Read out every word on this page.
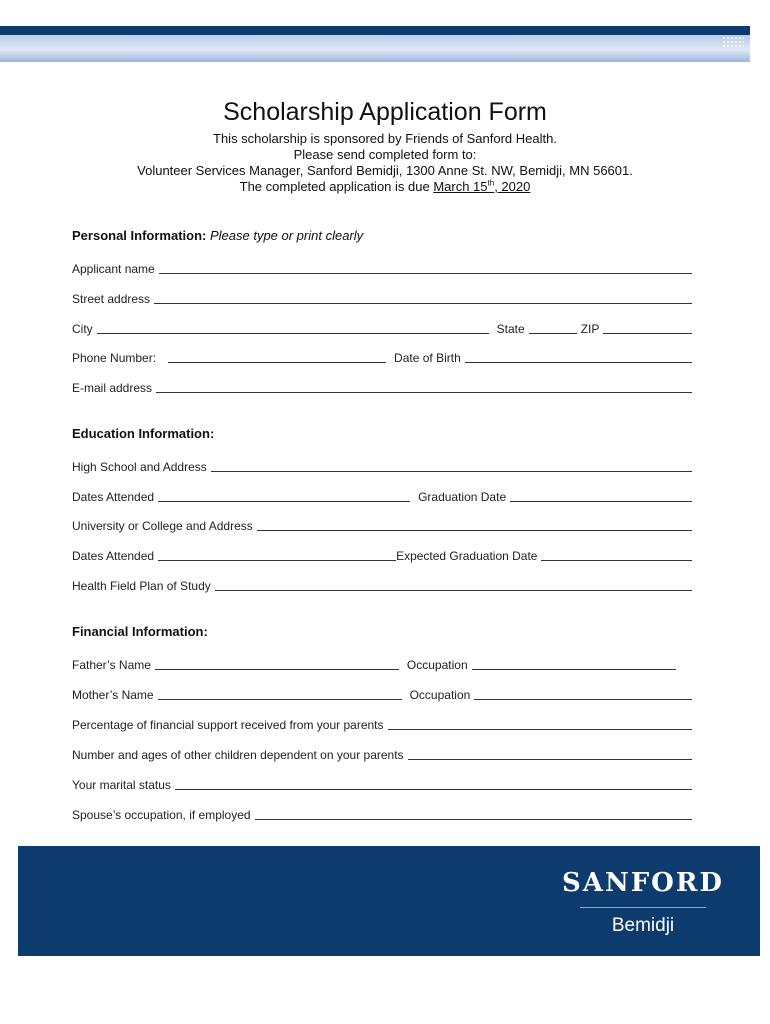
Scholarship Application Form
This scholarship is sponsored by Friends of Sanford Health.
Please send completed form to:
Volunteer Services Manager, Sanford Bemidji, 1300 Anne St. NW, Bemidji, MN 56601.
The completed application is due March 15th, 2020
Personal Information: Please type or print clearly
Applicant name
Street address
City	State	ZIP
Phone Number:	Date of Birth
E-mail address
Education Information:
High School and Address
Dates Attended	Graduation Date
University or College and Address
Dates Attended	Expected Graduation Date
Health Field Plan of Study
Financial Information:
Father’s Name	Occupation
Mother’s Name	Occupation
Percentage of financial support received from your parents
Number and ages of other children dependent on your parents
Your marital status
Spouse’s occupation, if employed
SANFORD
Bemidji
